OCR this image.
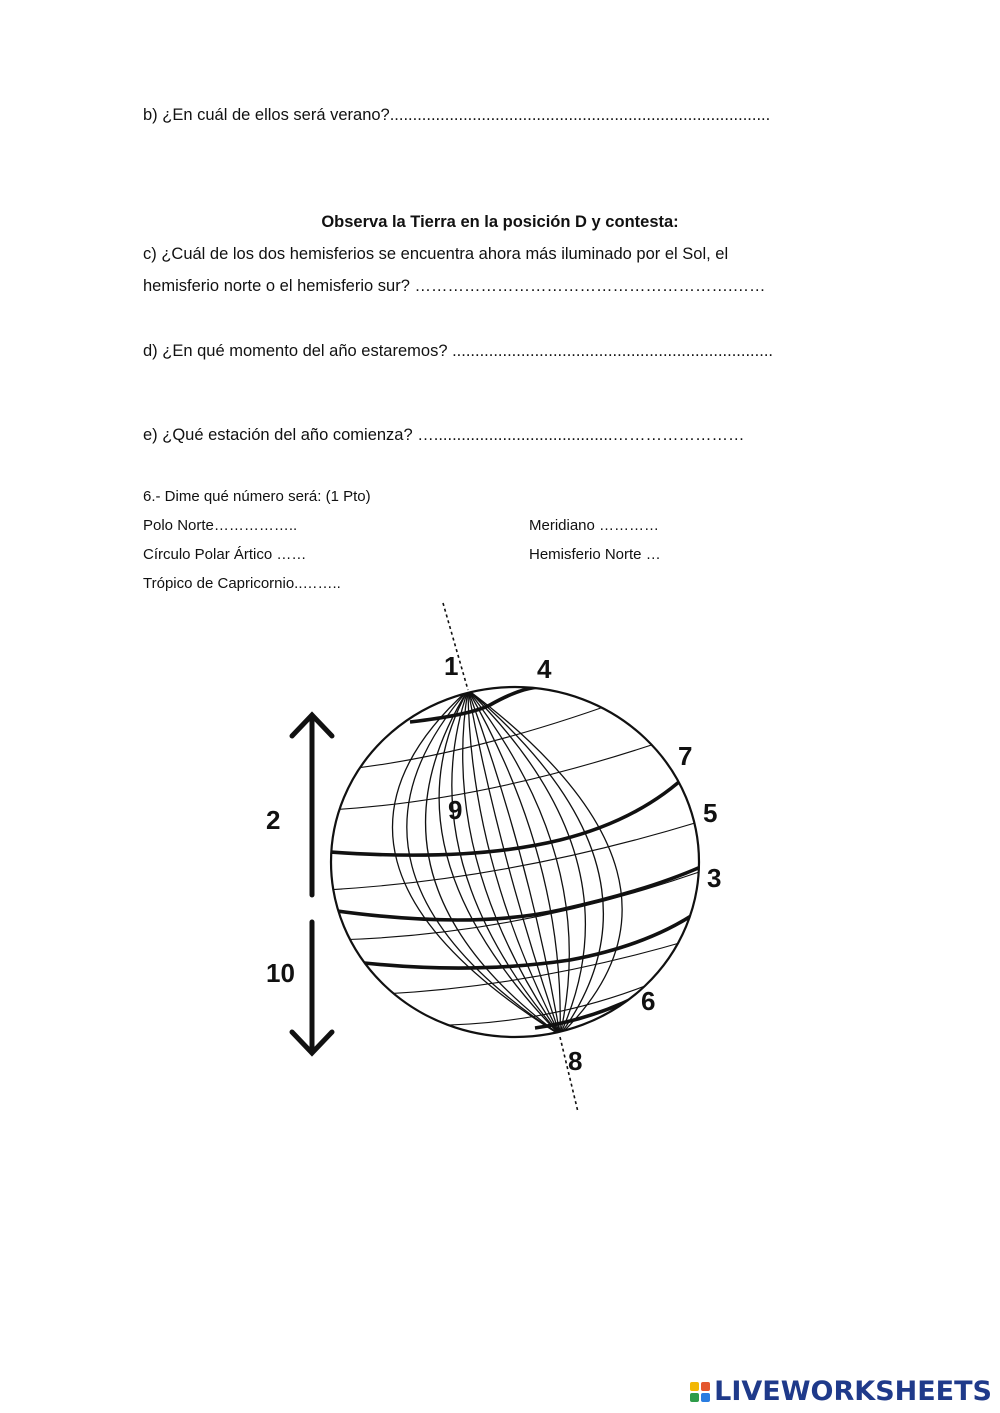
b) ¿En cuál de ellos será verano?...................................................................................
Observa la Tierra en la posición D y contesta:
c) ¿Cuál de los dos hemisferios se encuentra ahora más iluminado por el Sol, el
hemisferio norte o el hemisferio sur? ………………………………………………….……
d) ¿En qué momento del año estaremos? ......................................................................
e) ¿Qué estación del año comienza? ….......................................……………………
6.- Dime qué número será: (1 Pto)
Polo Norte……………..	Meridiano …………
Círculo Polar Ártico ……	Hemisferio Norte …
Trópico de Capricornio..……..
1	4
7
5
3
6
8
9
2
10
LIVEWORKSHEETS
